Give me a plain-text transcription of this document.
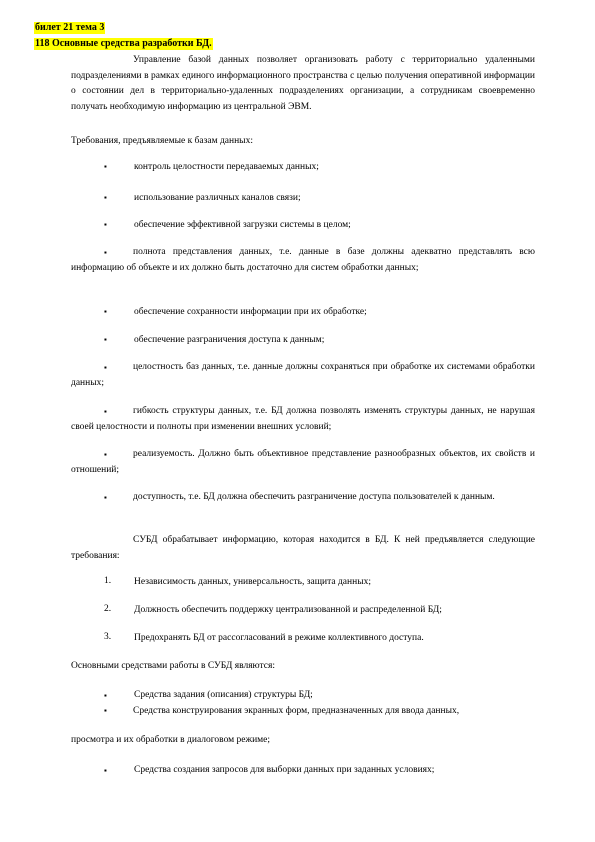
билет 21 тема 3
118 Основные средства разработки БД.
Управление базой данных позволяет организовать работу с территориально удаленными подразделениями в рамках единого информационного пространства с целью получения оперативной информации о состоянии дел в территориально-удаленных подразделениях организации, а сотрудникам своевременно получать необходимую информацию из центральной ЭВМ.
Требования, предъявляемые к базам данных:
▪	контроль целостности передаваемых данных;
▪	использование различных каналов связи;
▪	обеспечение эффективной загрузки системы в целом;
▪	полнота представления данных, т.е. данные в базе должны адекватно представлять всю информацию об объекте и их должно быть достаточно для систем обработки данных;
▪	обеспечение сохранности информации при их обработке;
▪	обеспечение разграничения доступа к данным;
▪	целостность баз данных, т.е. данные должны сохраняться при обработке их системами обработки данных;
▪	гибкость структуры данных, т.е. БД должна позволять изменять структуры данных, не нарушая своей целостности и полноты при изменении внешних условий;
▪	реализуемость. Должно быть объективное представление разнообразных объектов, их свойств и отношений;
▪	доступность, т.е. БД должна обеспечить разграничение доступа пользователей к данным.
СУБД обрабатывает информацию, которая находится в БД. К ней предъявляется следующие требования:
1. Независимость данных, универсальность, защита данных;
2. Должность обеспечить поддержку централизованной и распределенной БД;
3. Предохранять БД от рассогласований в режиме коллективного доступа.
Основными средствами работы в СУБД являются:
▪	Средства задания (описания) структуры БД;
▪	Средства конструирования экранных форм, предназначенных для ввода данных,
просмотра и их обработки в диалоговом режиме;
▪	Средства создания запросов для выборки данных при заданных условиях;
